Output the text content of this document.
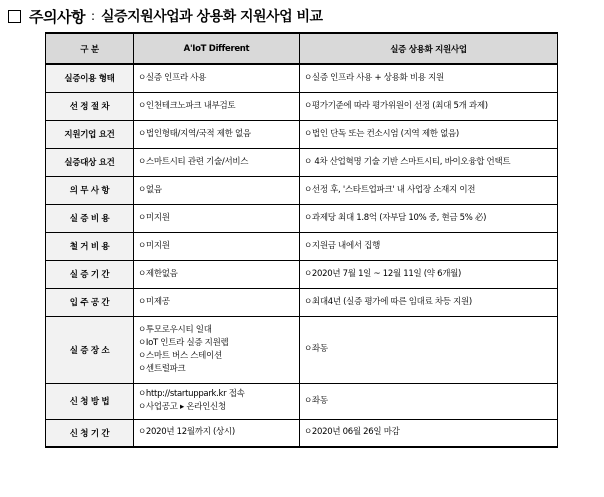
주의사항 : 실증지원사업과 상용화 지원사업 비교
구 분	A'IoT Different	실증 상용화 지원사업
실증이용 형태	ㅇ실증 인프라 사용	ㅇ실증 인프라 사용 + 상용화 비용 지원

선 정 절 차	ㅇ인천테크노파크 내부검토	ㅇ평가기준에 따라 평가위원이 선정 (최대 5개 과제)

지원기업 요건	ㅇ법인형태/지역/국적 제한 없음	ㅇ법인 단독 또는 컨소시엄 (지역 제한 없음)

실증대상 요건	ㅇ스마트시티 관련 기술/서비스	ㅇ 4차 산업혁명 기술 기반 스마트시티, 바이오융합 언택트

의 무 사 항	ㅇ없음	ㅇ선정 후, '스타트업파크' 내 사업장 소재지 이전

실 증 비 용	ㅇ미지원	ㅇ과제당 최대 1.8억 (자부담 10% 중, 현금 5% 必)

철 거 비 용	ㅇ미지원	ㅇ지원금 내에서 집행

실 증 기 간	ㅇ제한없음	ㅇ2020년 7월 1일 ~ 12월 11일 (약 6개월)

입 주 공 간	ㅇ미제공	ㅇ최대4년 (실증 평가에 따른 임대료 차등 지원)

실 증 장 소	ㅇ투모로우시티 일대
ㅇIoT 인트라 실증 지원렙
ㅇ스마트 버스 스테이션
ㅇ센트럴파크	ㅇ좌동

신 청 방 법	ㅇhttp://startuppark.kr 접속
ㅇ사업공고 ▸ 온라인신청	ㅇ좌동

신 청 기 간	ㅇ2020년 12월까지 (상시)	ㅇ2020년 06월 26일 마감
